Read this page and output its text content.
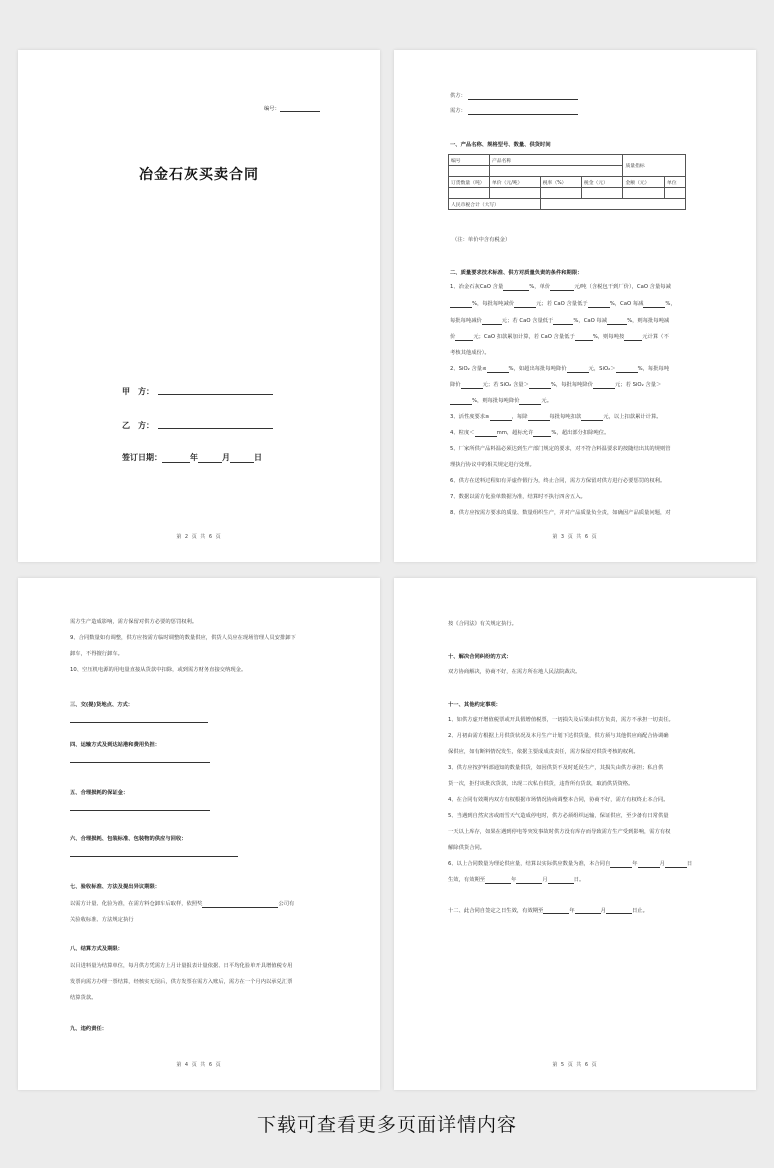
编号：
冶金石灰买卖合同
甲　方：
乙　方：
签订日期：	年	月	日
第 2 页 共 6 页
供方：
需方：
一、产品名称、规格型号、数量、供货时间
编号	产品名称			质量指标	

订货数量（吨）	单价（元/吨）	税率（%）	税金（元）	金额（元）	单位

人民币税合计（大写）					
（注：单价中含有税金）
二、质量要求技术标准、供方对质量负责的条件和期限：
1、冶金石灰CaO 含量	%，单价	元/吨（含税包干到厂价），CaO 含量每减
%，每批每吨减价	元；若 CaO 含量低于	%，CaO 每减	%，
每批每吨减价	元；若 CaO 含量低于	%，CaO 每减	%，则每批每吨减
价	元；CaO 扣款累加计算，若 CaO 含量低于	%，则每吨按	元计算（不
考核其他成份）。
2、SiO₂ 含量≤	%，如超出每批每吨降价	元，SiO₂＞	%，每批每吨
降价	元；若 SiO₂ 含量＞	%，每批每吨降价	元；若 SiO₂ 含量＞
%，则每批每吨降价	元。
3、活性度要求≥	，每降	每批每吨扣款	元，以上扣款累计计算。
4、粒度＜	mm，超标允许	%，超出部分扣除吨位。
5、厂家所供产品料温必须达到生产部门规定的要求，对不符合料温要求的按随结出其的规则管
理执行协议中的相关规定进行处理。
6、供方在送料过程如有弄虚作假行为，终止合同，需方方保留对供方进行必要惩罚的权利。
7、数据以需方化验单数据为准，结算时不执行四舍五入。
8、供方应按需方要求的质量、数量组织生产，并对产品质量负全责，如确因产品质量问题，对
第 3 页 共 6 页
需方生产造成影响，需方保留对供方必要的惩罚权利。
9、合同数量如有调整，供方应按需方临时调整的数量供应，供货人员应在现场管理人员安排卸下
卸车，不得擅行卸车。
10、空压机电源的用电量直接从货款中扣除，或到需方财务直接交纳现金。
三、交(提)货地点、方式：
四、运输方式及到达站港和费用负担：
五、合理损耗的保证金：
六、合理损耗、包装标准、包装物的供应与回收：
七、验收标准、方法及提出异议期限：
以需方计量、化验为准，在需方料仓卸车后取样，依照奖	公司有
关验收标准、方法规定执行
八、结算方式及期限：
以目进料量为结算单位，每月供方凭需方上月计量报表计量依据、日平均化验单开具增值税专用
发票向需方办理一票结算，经核实无误后，供方发票在需方入账后，需方在一个月内以承兑汇票
结算货款。
九、违约责任：
第 4 页 共 6 页
按《合同法》有关规定执行。
十、解决合同纠纷的方式：
双方协商解决，协商不好，在需方所在地人民法院裁决。
十一、其他约定事项：
1、如供方虚开增值税票或开具假增值税票，一切损失及后果由供方负责，需方不承担一切责任。
2、月初由需方根据上月供货状况及本月生产计划下达供货量，供方须与其他供应商配合协调确
保供应，如有断料情况发生，依据主要成成责责任，需方保留对供货考核的权利。
3、供方应按护料部通知的数量供货，如因供货不及时延误生产，其损失由供方承担；私自供
货一次，拒付该批次货款，出现二次私自供货，违背所有货款，取消供货资格。
4、在合同有效期内双方有权根据市场情况协商调整本合同，协商不好，需方有权终止本合同。
5、当遇到自然灾害或雨雪天气造成停电时，供方必须组织运输，保证供应，至少备有日常供量
一天以上库存，如果在遇到停电等突发事故时供方没有库存而导致需方生产受到影响，需方有权
解除供货合同。
6、以上合同数量为理论供应量，结算以实际供应数量为准，本合同自	年	月	日
生效，有效期至	年	月	日。
十二、此合同自签定之日生效，有效期至	年	月	日止。
第 5 页 共 6 页
下载可查看更多页面详情内容
